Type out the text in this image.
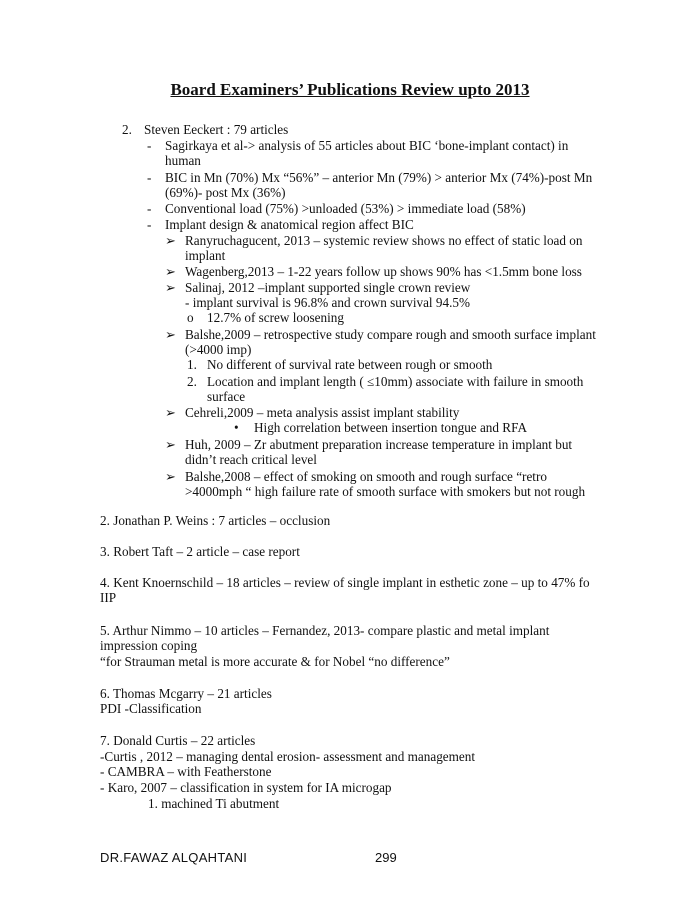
Board Examiners’ Publications Review upto 2013
2. Steven Eeckert : 79 articles
- Sagirkaya et al-> analysis of 55 articles about BIC ‘bone-implant contact) in
human
- BIC in Mn (70%) Mx “56%” – anterior Mn (79%) > anterior Mx (74%)-post Mn
(69%)- post Mx (36%)
- Conventional load (75%) >unloaded (53%) > immediate load (58%)
- Implant design & anatomical region affect BIC
➢ Ranyruchagucent, 2013 – systemic review shows no effect of static load on
implant
➢ Wagenberg,2013 – 1-22 years follow up shows 90% has <1.5mm bone loss
➢ Salinaj, 2012 –implant supported single crown review
- implant survival is 96.8% and crown survival 94.5%
o 12.7% of screw loosening
➢ Balshe,2009 – retrospective study compare rough and smooth surface implant
(>4000 imp)
1. No different of survival rate between rough or smooth
2. Location and implant length ( ≤10mm) associate with failure in smooth
surface
➢ Cehreli,2009 – meta analysis assist implant stability
• High correlation between insertion tongue and RFA
➢ Huh, 2009 – Zr abutment preparation increase temperature in implant but
didn’t reach critical level
➢ Balshe,2008 – effect of smoking on smooth and rough surface “retro
>4000mph “ high failure rate of smooth surface with smokers but not rough
2. Jonathan P. Weins : 7 articles – occlusion
3. Robert Taft – 2 article – case report
4. Kent Knoernschild – 18 articles – review of single implant in esthetic zone – up to 47% fo
IIP
5. Arthur Nimmo – 10 articles – Fernandez, 2013- compare plastic and metal implant
impression coping
“for Strauman metal is more accurate & for Nobel “no difference”
6. Thomas Mcgarry – 21 articles
PDI -Classification
7. Donald Curtis – 22 articles
-Curtis , 2012 – managing dental erosion- assessment and management
- CAMBRA – with Featherstone
- Karo, 2007 – classification in system for IA microgap
1. machined Ti abutment
DR.FAWAZ ALQAHTANI	299
